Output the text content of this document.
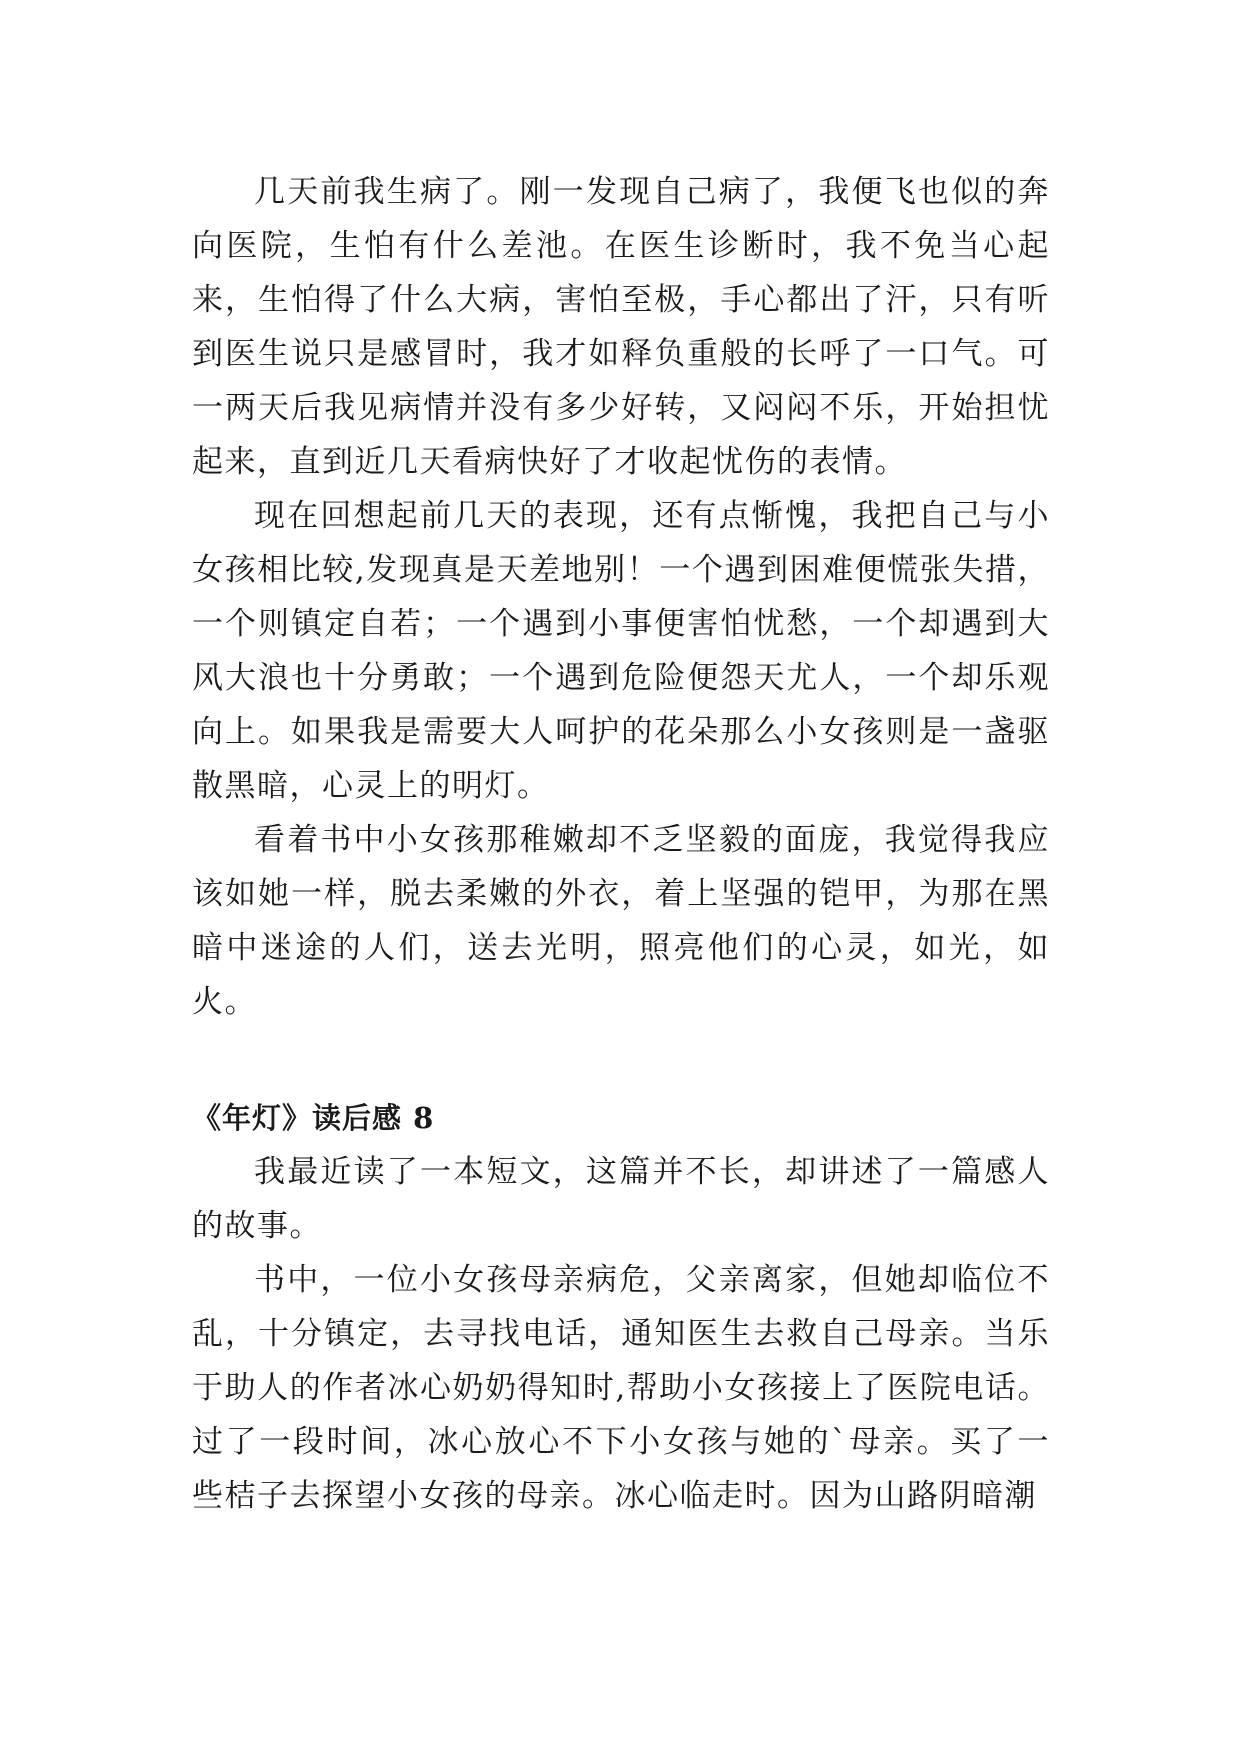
几天前我生病了。刚一发现自己病了，我便飞也似的奔向医院，生怕有什么差池。在医生诊断时，我不免当心起来，生怕得了什么大病，害怕至极，手心都出了汗，只有听到医生说只是感冒时，我才如释负重般的长呼了一口气。可一两天后我见病情并没有多少好转，又闷闷不乐，开始担忧起来，直到近几天看病快好了才收起忧伤的表情。

现在回想起前几天的表现，还有点惭愧，我把自己与小女孩相比较,发现真是天差地别！一个遇到困难便慌张失措，一个则镇定自若；一个遇到小事便害怕忧愁，一个却遇到大风大浪也十分勇敢；一个遇到危险便怨天尤人，一个却乐观向上。如果我是需要大人呵护的花朵那么小女孩则是一盏驱散黑暗，心灵上的明灯。

看着书中小女孩那稚嫩却不乏坚毅的面庞，我觉得我应该如她一样，脱去柔嫩的外衣，着上坚强的铠甲，为那在黑暗中迷途的人们，送去光明，照亮他们的心灵，如光，如火。

《年灯》读后感 8

我最近读了一本短文，这篇并不长，却讲述了一篇感人的故事。

书中，一位小女孩母亲病危，父亲离家，但她却临位不乱，十分镇定，去寻找电话，通知医生去救自己母亲。当乐于助人的作者冰心奶奶得知时,帮助小女孩接上了医院电话。过了一段时间，冰心放心不下小女孩与她的`母亲。买了一些桔子去探望小女孩的母亲。冰心临走时。因为山路阴暗潮
